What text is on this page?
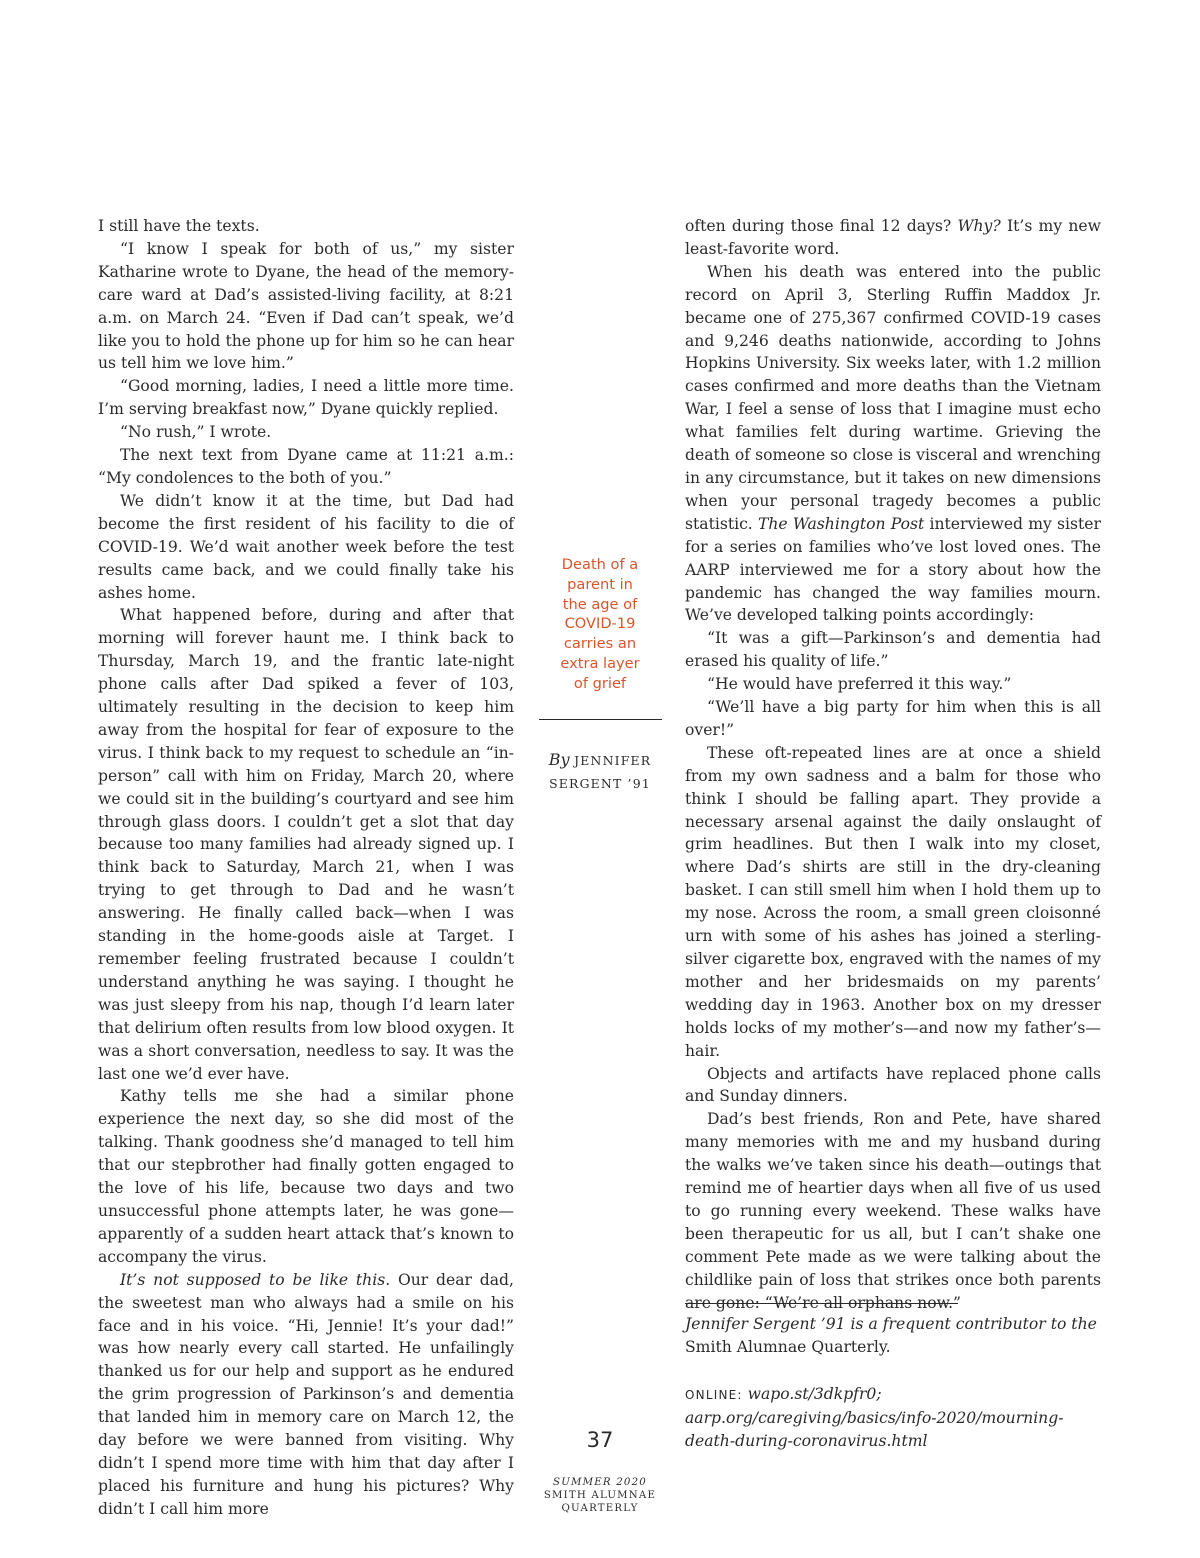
I still have the texts.

“I know I speak for both of us,” my sister Katharine wrote to Dyane, the head of the memory-care ward at Dad’s assisted-living facility, at 8:21 a.m. on March 24. “Even if Dad can’t speak, we’d like you to hold the phone up for him so he can hear us tell him we love him.”

“Good morning, ladies, I need a little more time. I’m serving breakfast now,” Dyane quickly replied.

“No rush,” I wrote.

The next text from Dyane came at 11:21 a.m.: “My condolences to the both of you.”

We didn’t know it at the time, but Dad had become the first resident of his facility to die of COVID-19. We’d wait another week before the test results came back, and we could finally take his ashes home.

What happened before, during and after that morning will forever haunt me. I think back to Thursday, March 19, and the frantic late-night phone calls after Dad spiked a fever of 103, ultimately resulting in the decision to keep him away from the hospital for fear of exposure to the virus. I think back to my request to schedule an “in-person” call with him on Friday, March 20, where we could sit in the building’s courtyard and see him through glass doors. I couldn’t get a slot that day because too many families had already signed up. I think back to Saturday, March 21, when I was trying to get through to Dad and he wasn’t answering. He finally called back—when I was standing in the home-goods aisle at Target. I remember feeling frustrated because I couldn’t understand anything he was saying. I thought he was just sleepy from his nap, though I’d learn later that delirium often results from low blood oxygen. It was a short conversation, needless to say. It was the last one we’d ever have.

Kathy tells me she had a similar phone experience the next day, so she did most of the talking. Thank goodness she’d managed to tell him that our stepbrother had finally gotten engaged to the love of his life, because two days and two unsuccessful phone attempts later, he was gone—apparently of a sudden heart attack that’s known to accompany the virus.

It’s not supposed to be like this. Our dear dad, the sweetest man who always had a smile on his face and in his voice. “Hi, Jennie! It’s your dad!” was how nearly every call started. He unfailingly thanked us for our help and support as he endured the grim progression of Parkinson’s and dementia that landed him in memory care on March 12, the day before we were banned from visiting. Why didn’t I spend more time with him that day after I placed his furniture and hung his pictures? Why didn’t I call him more

Death of a
parent in
the age of
COVID-19
carries an
extra layer
of grief
By JENNIFER
SERGENT ’91

often during those final 12 days? Why? It’s my new least-favorite word.

When his death was entered into the public record on April 3, Sterling Ruffin Maddox Jr. became one of 275,367 confirmed COVID-19 cases and 9,246 deaths nationwide, according to Johns Hopkins University. Six weeks later, with 1.2 million cases confirmed and more deaths than the Vietnam War, I feel a sense of loss that I imagine must echo what families felt during wartime. Grieving the death of someone so close is visceral and wrenching in any circumstance, but it takes on new dimensions when your personal tragedy becomes a public statistic. The Washington Post interviewed my sister for a series on families who’ve lost loved ones. The AARP interviewed me for a story about how the pandemic has changed the way families mourn. We’ve developed talking points accordingly:

“It was a gift—Parkinson’s and dementia had erased his quality of life.”

“He would have preferred it this way.”

“We’ll have a big party for him when this is all over!”

These oft-repeated lines are at once a shield from my own sadness and a balm for those who think I should be falling apart. They provide a necessary arsenal against the daily onslaught of grim headlines. But then I walk into my closet, where Dad’s shirts are still in the dry-cleaning basket. I can still smell him when I hold them up to my nose. Across the room, a small green cloisonné urn with some of his ashes has joined a sterling-silver cigarette box, engraved with the names of my mother and her bridesmaids on my parents’ wedding day in 1963. Another box on my dresser holds locks of my mother’s—and now my father’s—hair.

Objects and artifacts have replaced phone calls and Sunday dinners.

Dad’s best friends, Ron and Pete, have shared many memories with me and my husband during the walks we’ve taken since his death—outings that remind me of heartier days when all five of us used to go running every weekend. These walks have been therapeutic for us all, but I can’t shake one comment Pete made as we were talking about the childlike pain of loss that strikes once both parents are gone: “We’re all orphans now.”

Jennifer Sergent ’91 is a frequent contributor to the
Smith Alumnae Quarterly.
ONLINE: wapo.st/3dkpfr0;
aarp.org/caregiving/basics/info-2020/mourning-
death-during-coronavirus.html
37
SUMMER 2020
SMITH ALUMNAE
QUARTERLY
